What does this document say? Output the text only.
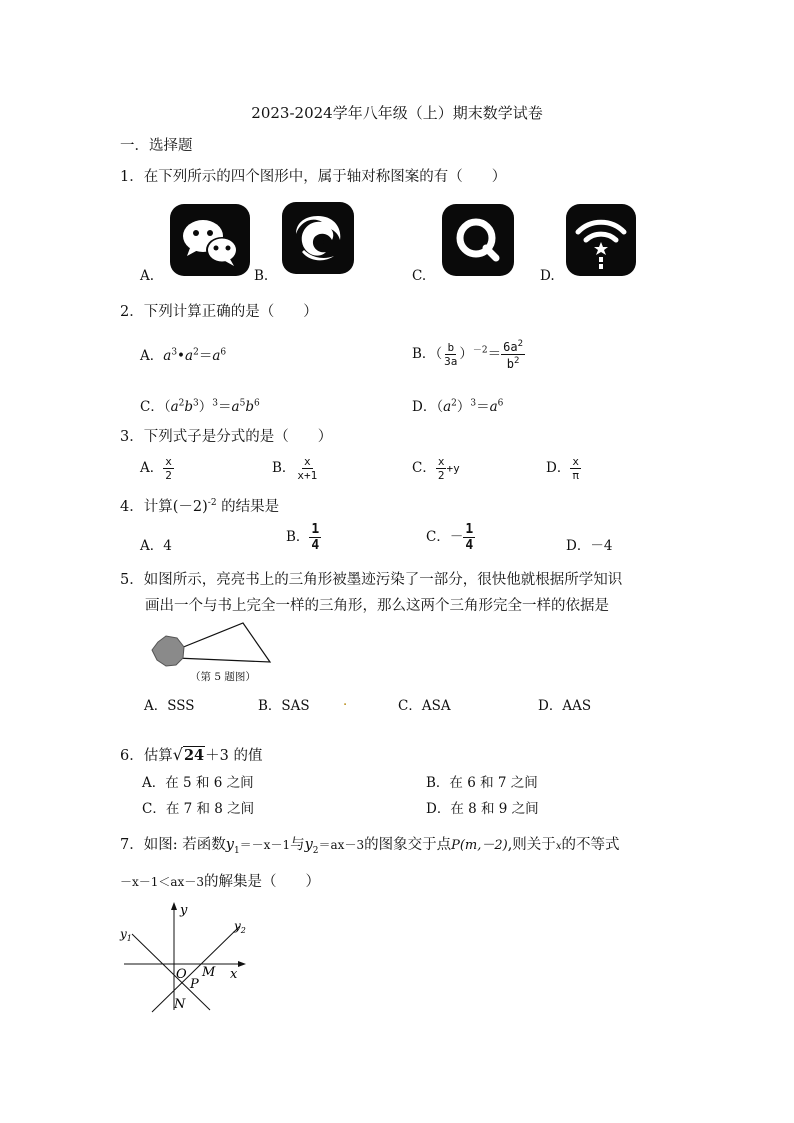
2023-2024学年八年级（上）期末数学试卷
一．选择题
1．在下列所示的四个图形中，属于轴对称图案的有（　　）
A.	B.	C.	D.
2．下列计算正确的是（　　）
A．$a^3•a^2=a^6$	B．（ $\frac{b}{3a} )^{-2}= \frac{6a^2}{b^2}$
C．$(a^2b^3)^3=a^5b^6$	D．$(a^2)^3=a^6$
3．下列式子是分式的是（　　）
A． $\frac{x}{2}$	B． $\frac{x}{x+1}$	C． $\frac{x}{2} +y$	D． $\frac{x}{\pi}$
4．计算$(-2)^{-2}$ 的结果是
A．4
B． $\frac{1}{4}$	C．－ $\frac{1}{4}$	D．－4
5．如图所示，亮亮书上的三角形被墨迹污染了一部分，很快他就根据所学知识
画出一个与书上完全一样的三角形，那么这两个三角形完全一样的依据是
（第 5 题图）
A．SSS	B．SAS	.	C．ASA	D．AAS
6．估算√24＋3 的值
A．在 5 和 6 之间	B．在 6 和 7 之间
C．在 7 和 8 之间	D．在 8 和 9 之间
7．如图: 若函数$y_1=-x-1$与$y_2=ax-3$的图象交于点P(m,－2),则关于x的不等式
－x－1＜ax－3的解集是（　　）
y
x
$y_1$
$y_2$
O
P
M
N
